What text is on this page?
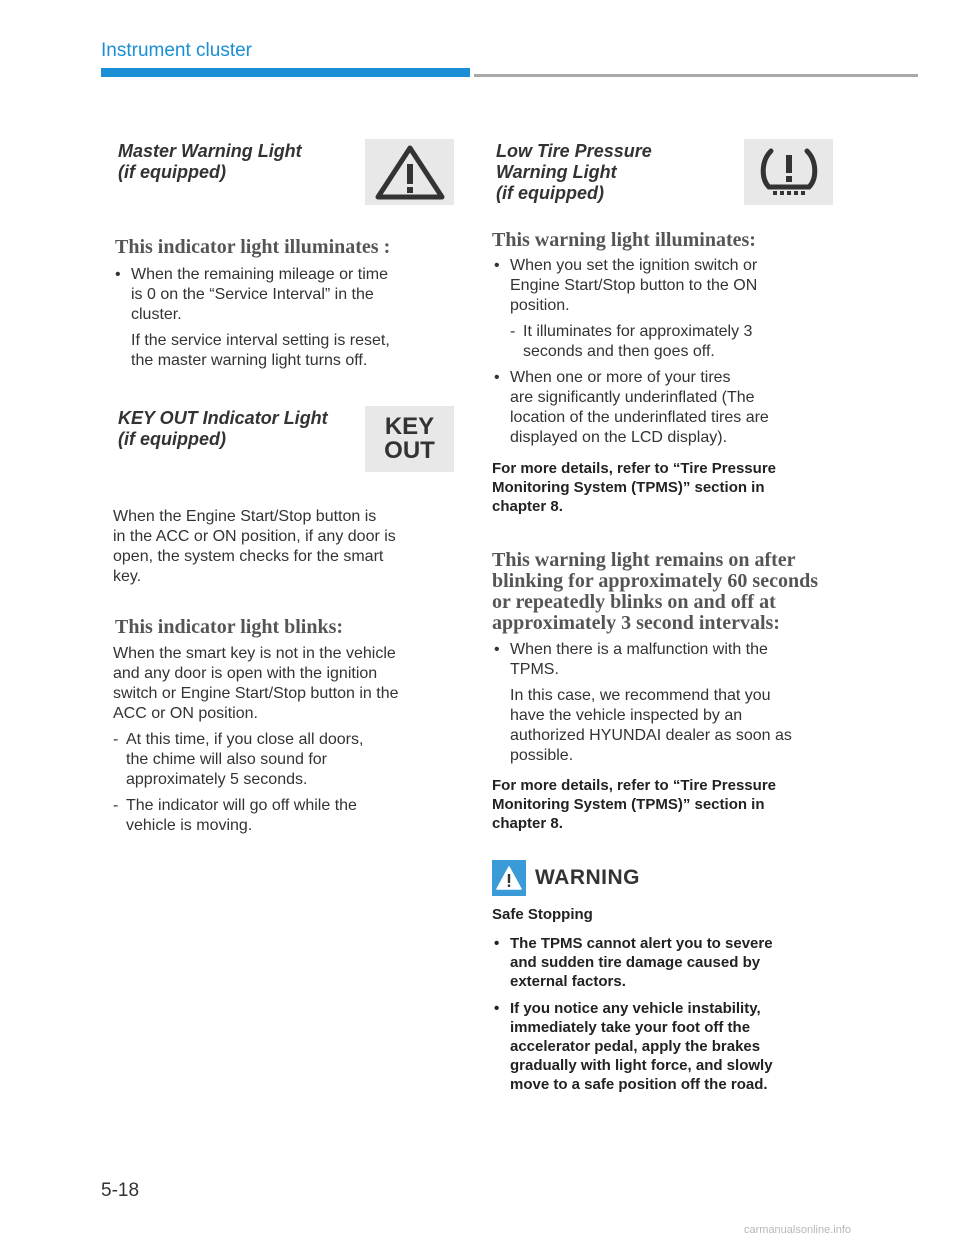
Instrument cluster
Master Warning Light
(if equipped)
This indicator light illuminates :
• When the remaining mileage or time
is 0 on the “Service Interval” in the
cluster.
If the service interval setting is reset,
the master warning light turns off.
KEY OUT Indicator Light
(if equipped)	KEY
OUT
When the Engine Start/Stop button is
in the ACC or ON position, if any door is
open, the system checks for the smart
key.
This indicator light blinks:
When the smart key is not in the vehicle
and any door is open with the ignition
switch or Engine Start/Stop button in the
ACC or ON position.
- At this time, if you close all doors,
the chime will also sound for
approximately 5 seconds.
- The indicator will go off while the
vehicle is moving.
Low Tire Pressure
Warning Light
(if equipped)
This warning light illuminates:
• When you set the ignition switch or
Engine Start/Stop button to the ON
position.
- It illuminates for approximately 3
seconds and then goes off.
• When one or more of your tires
are significantly underinflated (The
location of the underinflated tires are
displayed on the LCD display).
For more details, refer to “Tire Pressure
Monitoring System (TPMS)” section in
chapter 8.
This warning light remains on after
blinking for approximately 60 seconds
or repeatedly blinks on and off at
approximately 3 second intervals:
• When there is a malfunction with the
TPMS.
In this case, we recommend that you
have the vehicle inspected by an
authorized HYUNDAI dealer as soon as
possible.
For more details, refer to “Tire Pressure
Monitoring System (TPMS)” section in
chapter 8.
WARNING
Safe Stopping
• The TPMS cannot alert you to severe
and sudden tire damage caused by
external factors.
• If you notice any vehicle instability,
immediately take your foot off the
accelerator pedal, apply the brakes
gradually with light force, and slowly
move to a safe position off the road.
5-18
carmanualsonline.info
